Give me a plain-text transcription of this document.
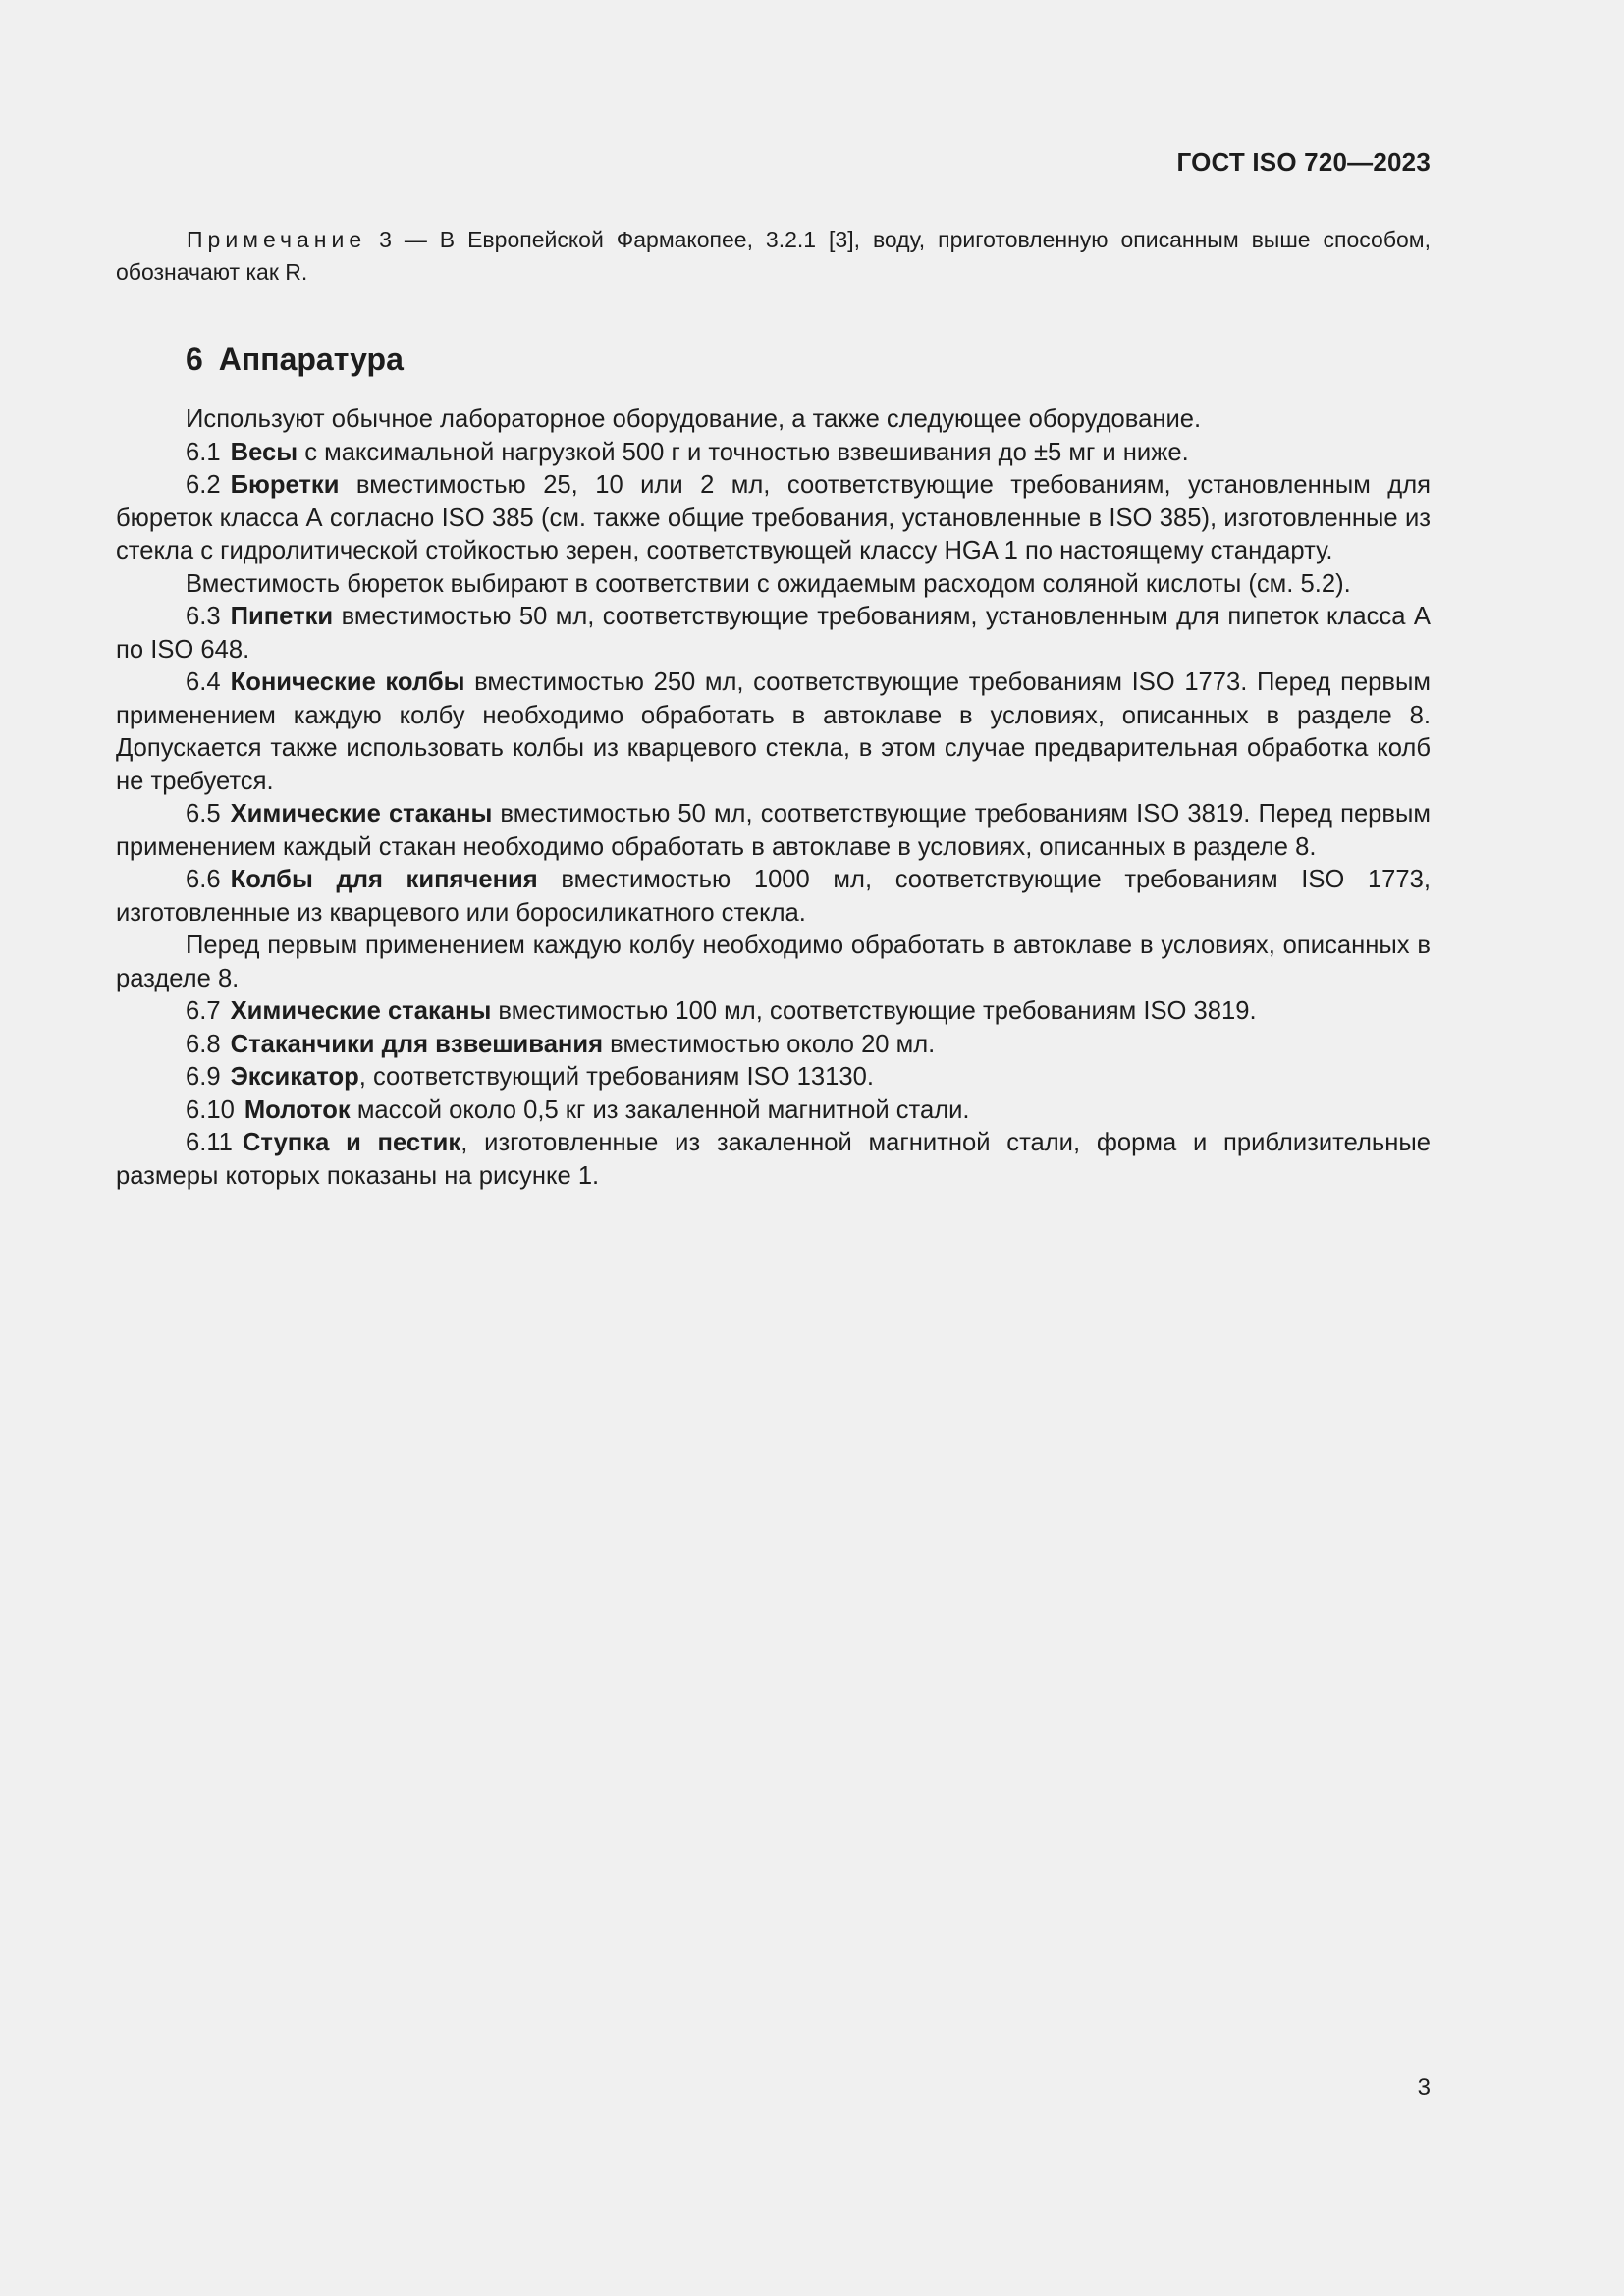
ГОСТ ISO 720—2023
Примечание 3 — В Европейской Фармакопее, 3.2.1 [3], воду, приготовленную описанным выше способом, обозначают как R.
6 Аппаратура

Используют обычное лабораторное оборудование, а также следующее оборудование.

6.1 Весы с максимальной нагрузкой 500 г и точностью взвешивания до ±5 мг и ниже.

6.2 Бюретки вместимостью 25, 10 или 2 мл, соответствующие требованиям, установленным для бюреток класса А согласно ISO 385 (см. также общие требования, установленные в ISO 385), изготовленные из стекла с гидролитической стойкостью зерен, соответствующей классу HGA 1 по настоящему стандарту.

Вместимость бюреток выбирают в соответствии с ожидаемым расходом соляной кислоты (см. 5.2).

6.3 Пипетки вместимостью 50 мл, соответствующие требованиям, установленным для пипеток класса А по ISO 648.

6.4 Конические колбы вместимостью 250 мл, соответствующие требованиям ISO 1773. Перед первым применением каждую колбу необходимо обработать в автоклаве в условиях, описанных в разделе 8. Допускается также использовать колбы из кварцевого стекла, в этом случае предварительная обработка колб не требуется.

6.5 Химические стаканы вместимостью 50 мл, соответствующие требованиям ISO 3819. Перед первым применением каждый стакан необходимо обработать в автоклаве в условиях, описанных в разделе 8.

6.6 Колбы для кипячения вместимостью 1000 мл, соответствующие требованиям ISO 1773, изготовленные из кварцевого или боросиликатного стекла.

Перед первым применением каждую колбу необходимо обработать в автоклаве в условиях, описанных в разделе 8.

6.7 Химические стаканы вместимостью 100 мл, соответствующие требованиям ISO 3819.

6.8 Стаканчики для взвешивания вместимостью около 20 мл.

6.9 Эксикатор, соответствующий требованиям ISO 13130.

6.10 Молоток массой около 0,5 кг из закаленной магнитной стали.

6.11 Ступка и пестик, изготовленные из закаленной магнитной стали, форма и приблизительные размеры которых показаны на рисунке 1.

3
